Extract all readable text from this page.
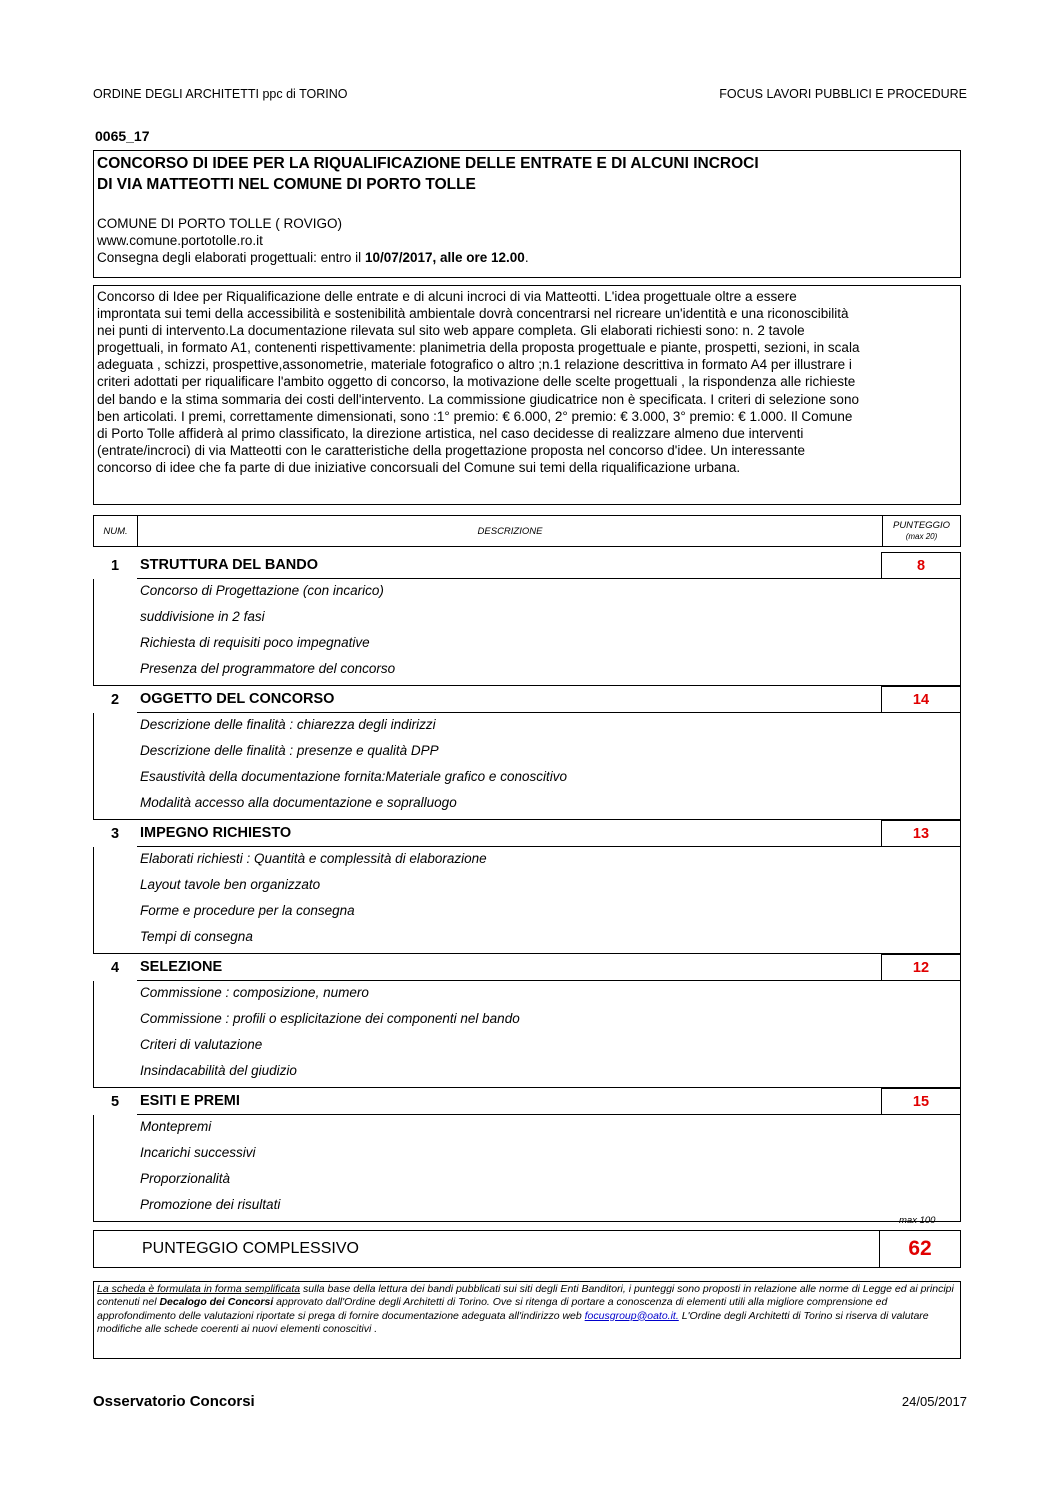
ORDINE DEGLI ARCHITETTI ppc di TORINO	FOCUS LAVORI PUBBLICI E PROCEDURE
0065_17
CONCORSO DI IDEE PER LA RIQUALIFICAZIONE DELLE ENTRATE E DI ALCUNI INCROCI
DI VIA MATTEOTTI NEL COMUNE DI PORTO TOLLE
COMUNE DI PORTO TOLLE ( ROVIGO)
www.comune.portotolle.ro.it
Consegna degli elaborati progettuali: entro il 10/07/2017, alle ore 12.00.
Concorso di Idee per Riqualificazione delle entrate e di alcuni incroci di via Matteotti. L'idea progettuale oltre a essere
improntata sui temi della accessibilità e sostenibilità ambientale dovrà concentrarsi nel ricreare un'identità e una riconoscibilità
nei punti di intervento.La documentazione rilevata sul sito web appare completa. Gli elaborati richiesti sono: n. 2 tavole
progettuali, in formato A1, contenenti rispettivamente: planimetria della proposta progettuale e piante, prospetti, sezioni, in scala
adeguata , schizzi, prospettive,assonometrie, materiale fotografico o altro ;n.1 relazione descrittiva in formato A4 per illustrare i
criteri adottati per riqualificare l'ambito oggetto di concorso, la motivazione delle scelte progettuali , la rispondenza alle richieste
del bando e la stima sommaria dei costi dell'intervento. La commissione giudicatrice non è specificata. I criteri di selezione sono
ben articolati. I premi, correttamente dimensionati, sono :1° premio: € 6.000, 2° premio: € 3.000, 3° premio: € 1.000. Il Comune
di Porto Tolle affiderà al primo classificato, la direzione artistica, nel caso decidesse di realizzare almeno due interventi
(entrate/incroci) di via Matteotti con le caratteristiche della progettazione proposta nel concorso d'idee. Un interessante
concorso di idee che fa parte di due iniziative concorsuali del Comune sui temi della riqualificazione urbana.
NUM.	DESCRIZIONE	PUNTEGGIO
(max 20)
1	STRUTTURA DEL BANDO	8
Concorso di Progettazione (con incarico)
suddivisione in 2 fasi
Richiesta di requisiti poco impegnative
Presenza del programmatore del concorso
2	OGGETTO DEL CONCORSO	14
Descrizione delle finalità : chiarezza degli indirizzi
Descrizione delle finalità : presenze e qualità DPP
Esaustività della documentazione fornita:Materiale grafico e conoscitivo
Modalità accesso alla documentazione e sopralluogo
3	IMPEGNO RICHIESTO	13
Elaborati richiesti : Quantità e complessità di elaborazione
Layout tavole ben organizzato
Forme e procedure per la consegna
Tempi di consegna
4	SELEZIONE	12
Commissione : composizione, numero
Commissione : profili o esplicitazione dei componenti nel bando
Criteri di valutazione
Insindacabilità del giudizio
5	ESITI E PREMI	15
Montepremi
Incarichi successivi
Proporzionalità
Promozione dei risultati
max 100
PUNTEGGIO COMPLESSIVO	62
La scheda è formulata in forma semplificata sulla base della lettura dei bandi pubblicati sui siti degli Enti Banditori, i punteggi sono proposti in relazione alle norme di Legge ed ai principi contenuti nel Decalogo dei Concorsi approvato dall'Ordine degli Architetti di Torino. Ove si ritenga di portare a conoscenza di elementi utili alla migliore comprensione ed approfondimento delle valutazioni riportate si prega di fornire documentazione adeguata all'indirizzo web focusgroup@oato.it. L'Ordine degli Architetti di Torino si riserva di valutare modifiche alle schede coerenti ai nuovi elementi conoscitivi .
Osservatorio Concorsi	24/05/2017
